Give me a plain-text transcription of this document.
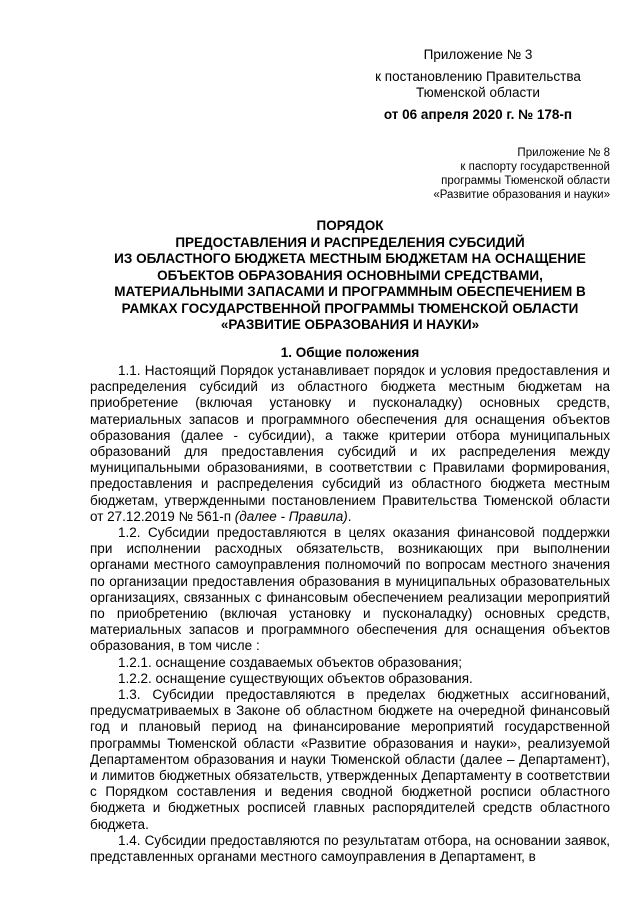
Приложение № 3
к постановлению Правительства
Тюменской области
от 06 апреля 2020 г. № 178-п
Приложение № 8
к паспорту государственной
программы Тюменской области
«Развитие образования и науки»
ПОРЯДОК
ПРЕДОСТАВЛЕНИЯ И РАСПРЕДЕЛЕНИЯ СУБСИДИЙ
ИЗ ОБЛАСТНОГО БЮДЖЕТА МЕСТНЫМ БЮДЖЕТАМ НА ОСНАЩЕНИЕ
ОБЪЕКТОВ ОБРАЗОВАНИЯ ОСНОВНЫМИ СРЕДСТВАМИ,
МАТЕРИАЛЬНЫМИ ЗАПАСАМИ И ПРОГРАММНЫМ ОБЕСПЕЧЕНИЕМ В
РАМКАХ ГОСУДАРСТВЕННОЙ ПРОГРАММЫ ТЮМЕНСКОЙ ОБЛАСТИ
«РАЗВИТИЕ ОБРАЗОВАНИЯ И НАУКИ»
1. Общие положения

1.1. Настоящий Порядок устанавливает порядок и условия предоставления и распределения субсидий из областного бюджета местным бюджетам на приобретение (включая установку и пусконаладку) основных средств, материальных запасов и программного обеспечения для оснащения объектов образования (далее - субсидии), а также критерии отбора муниципальных образований для предоставления субсидий и их распределения между муниципальными образованиями, в соответствии с Правилами формирования, предоставления и распределения субсидий из областного бюджета местным бюджетам, утвержденными постановлением Правительства Тюменской области от 27.12.2019 № 561-п (далее - Правила).

1.2. Субсидии предоставляются в целях оказания финансовой поддержки при исполнении расходных обязательств, возникающих при выполнении органами местного самоуправления полномочий по вопросам местного значения по организации предоставления образования в муниципальных образовательных организациях, связанных с финансовым обеспечением реализации мероприятий по приобретению (включая установку и пусконаладку) основных средств, материальных запасов и программного обеспечения для оснащения объектов образования, в том числе :

1.2.1. оснащение создаваемых объектов образования;

1.2.2. оснащение существующих объектов образования.

1.3. Субсидии предоставляются в пределах бюджетных ассигнований, предусматриваемых в Законе об областном бюджете на очередной финансовый год и плановый период на финансирование мероприятий государственной программы Тюменской области «Развитие образования и науки», реализуемой Департаментом образования и науки Тюменской области (далее – Департамент), и лимитов бюджетных обязательств, утвержденных Департаменту в соответствии с Порядком составления и ведения сводной бюджетной росписи областного бюджета и бюджетных росписей главных распорядителей средств областного бюджета.

1.4. Субсидии предоставляются по результатам отбора, на основании заявок, представленных органами местного самоуправления в Департамент, в
